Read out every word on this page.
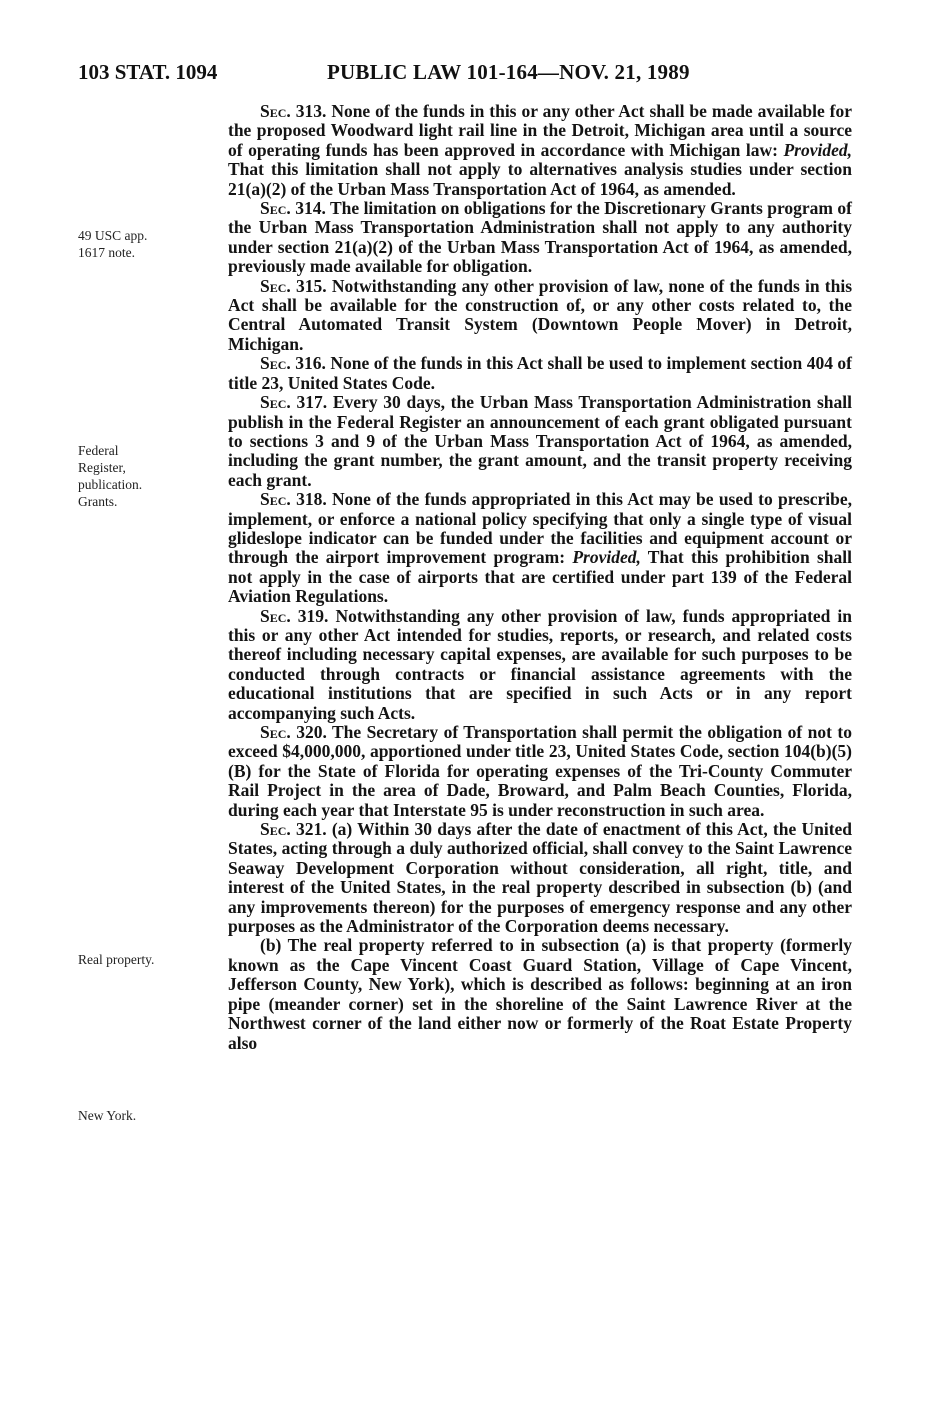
103 STAT. 1094	PUBLIC LAW 101-164—NOV. 21, 1989
49 USC app.
1617 note.
Federal
Register,
publication.
Grants.
Real property.
New York.

Sec. 313. None of the funds in this or any other Act shall be made available for the proposed Woodward light rail line in the Detroit, Michigan area until a source of operating funds has been approved in accordance with Michigan law: Provided, That this limitation shall not apply to alternatives analysis studies under section 21(a)(2) of the Urban Mass Transportation Act of 1964, as amended.

Sec. 314. The limitation on obligations for the Discretionary Grants program of the Urban Mass Transportation Administration shall not apply to any authority under section 21(a)(2) of the Urban Mass Transportation Act of 1964, as amended, previously made available for obligation.

Sec. 315. Notwithstanding any other provision of law, none of the funds in this Act shall be available for the construction of, or any other costs related to, the Central Automated Transit System (Downtown People Mover) in Detroit, Michigan.

Sec. 316. None of the funds in this Act shall be used to implement section 404 of title 23, United States Code.

Sec. 317. Every 30 days, the Urban Mass Transportation Administration shall publish in the Federal Register an announcement of each grant obligated pursuant to sections 3 and 9 of the Urban Mass Transportation Act of 1964, as amended, including the grant number, the grant amount, and the transit property receiving each grant.

Sec. 318. None of the funds appropriated in this Act may be used to prescribe, implement, or enforce a national policy specifying that only a single type of visual glideslope indicator can be funded under the facilities and equipment account or through the airport improvement program: Provided, That this prohibition shall not apply in the case of airports that are certified under part 139 of the Federal Aviation Regulations.

Sec. 319. Notwithstanding any other provision of law, funds appropriated in this or any other Act intended for studies, reports, or research, and related costs thereof including necessary capital expenses, are available for such purposes to be conducted through contracts or financial assistance agreements with the educational institutions that are specified in such Acts or in any report accompanying such Acts.

Sec. 320. The Secretary of Transportation shall permit the obligation of not to exceed $4,000,000, apportioned under title 23, United States Code, section 104(b)(5)(B) for the State of Florida for operating expenses of the Tri-County Commuter Rail Project in the area of Dade, Broward, and Palm Beach Counties, Florida, during each year that Interstate 95 is under reconstruction in such area.

Sec. 321. (a) Within 30 days after the date of enactment of this Act, the United States, acting through a duly authorized official, shall convey to the Saint Lawrence Seaway Development Corporation without consideration, all right, title, and interest of the United States, in the real property described in subsection (b) (and any improvements thereon) for the purposes of emergency response and any other purposes as the Administrator of the Corporation deems necessary.

(b) The real property referred to in subsection (a) is that property (formerly known as the Cape Vincent Coast Guard Station, Village of Cape Vincent, Jefferson County, New York), which is described as follows: beginning at an iron pipe (meander corner) set in the shoreline of the Saint Lawrence River at the Northwest corner of the land either now or formerly of the Roat Estate Property also
